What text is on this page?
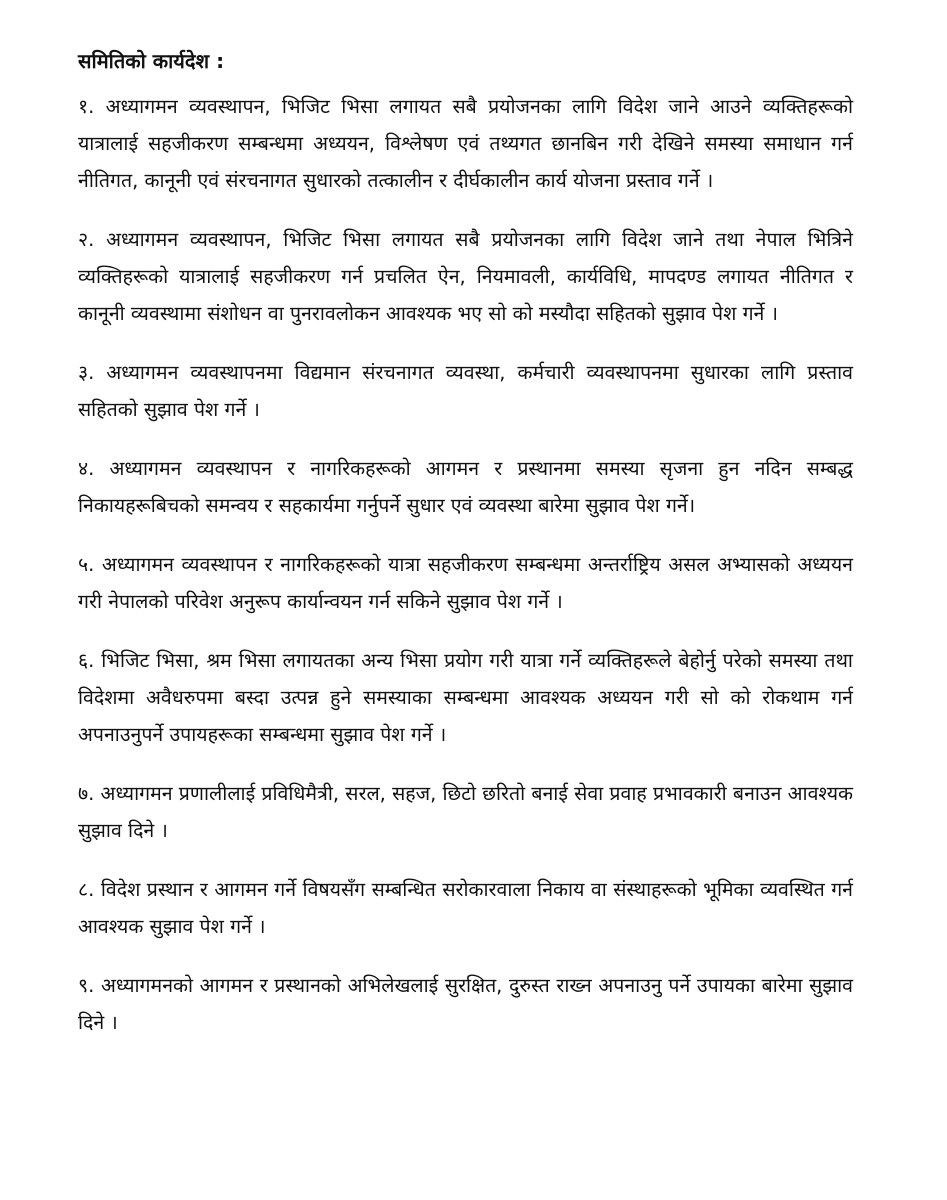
समितिको कार्यदेश :

१. अध्यागमन व्यवस्थापन, भिजिट भिसा लगायत सबै प्रयोजनका लागि विदेश जाने आउने व्यक्तिहरूको यात्रालाई सहजीकरण सम्बन्धमा अध्ययन, विश्लेषण एवं तथ्यगत छानबिन गरी देखिने समस्या समाधान गर्न नीतिगत, कानूनी एवं संरचनागत सुधारको तत्कालीन र दीर्घकालीन कार्य योजना प्रस्ताव गर्ने ।

२. अध्यागमन व्यवस्थापन, भिजिट भिसा लगायत सबै प्रयोजनका लागि विदेश जाने तथा नेपाल भित्रिने व्यक्तिहरूको यात्रालाई सहजीकरण गर्न प्रचलित ऐन, नियमावली, कार्यविधि, मापदण्ड लगायत नीतिगत र कानूनी व्यवस्थामा संशोधन वा पुनरावलोकन आवश्यक भए सो को मस्यौदा सहितको सुझाव पेश गर्ने ।

३. अध्यागमन व्यवस्थापनमा विद्यमान संरचनागत व्यवस्था, कर्मचारी व्यवस्थापनमा सुधारका लागि प्रस्ताव सहितको सुझाव पेश गर्ने ।

४. अध्यागमन व्यवस्थापन र नागरिकहरूको आगमन र प्रस्थानमा समस्या सृजना हुन नदिन सम्बद्ध निकायहरूबिचको समन्वय र सहकार्यमा गर्नुपर्ने सुधार एवं व्यवस्था बारेमा सुझाव पेश गर्ने।

५. अध्यागमन व्यवस्थापन र नागरिकहरूको यात्रा सहजीकरण सम्बन्धमा अन्तर्राष्ट्रिय असल अभ्यासको अध्ययन गरी नेपालको परिवेश अनुरूप कार्यान्वयन गर्न सकिने सुझाव पेश गर्ने ।

६. भिजिट भिसा, श्रम भिसा लगायतका अन्य भिसा प्रयोग गरी यात्रा गर्ने व्यक्तिहरूले बेहोर्नु परेको समस्या तथा विदेशमा अवैधरुपमा बस्दा उत्पन्न हुने समस्याका सम्बन्धमा आवश्यक अध्ययन गरी सो को रोकथाम गर्न अपनाउनुपर्ने उपायहरूका सम्बन्धमा सुझाव पेश गर्ने ।

७. अध्यागमन प्रणालीलाई प्रविधिमैत्री, सरल, सहज, छिटो छरितो बनाई सेवा प्रवाह प्रभावकारी बनाउन आवश्यक सुझाव दिने ।

८. विदेश प्रस्थान र आगमन गर्ने विषयसँग सम्बन्धित सरोकारवाला निकाय वा संस्थाहरूको भूमिका व्यवस्थित गर्न आवश्यक सुझाव पेश गर्ने ।

९. अध्यागमनको आगमन र प्रस्थानको अभिलेखलाई सुरक्षित, दुरुस्त राख्न अपनाउनु पर्ने उपायका बारेमा सुझाव दिने ।
